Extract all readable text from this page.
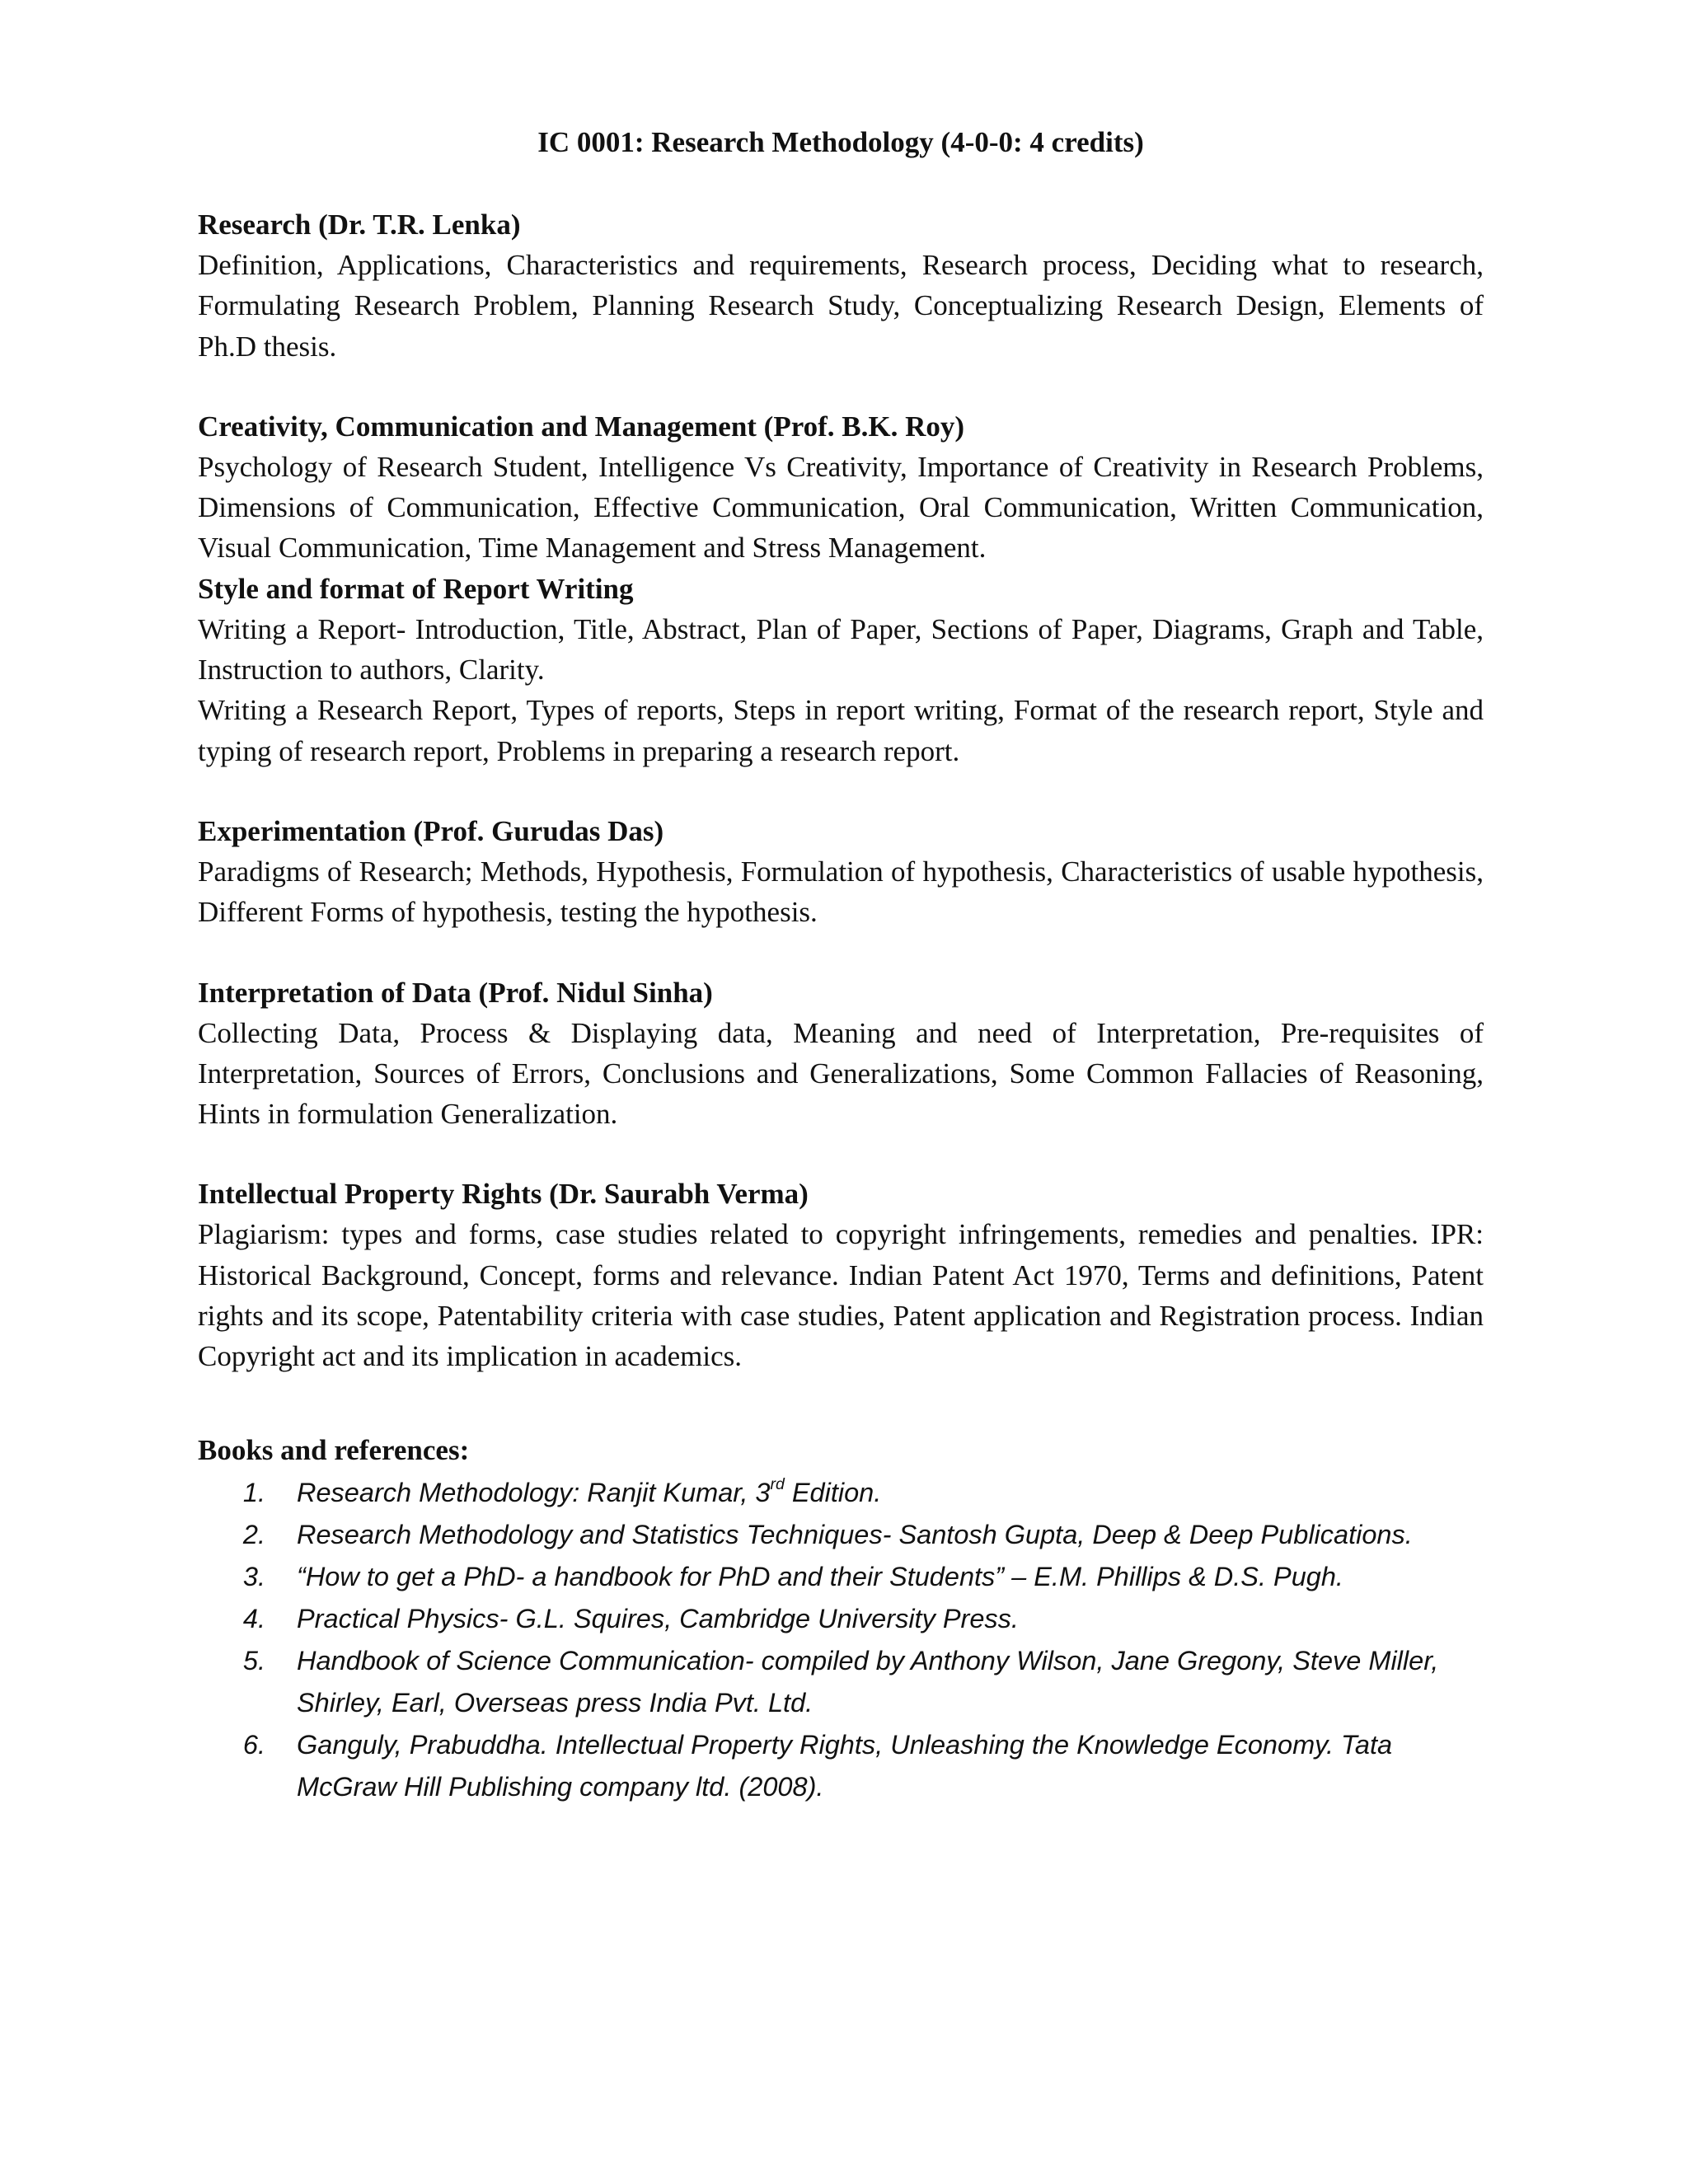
IC 0001: Research Methodology (4-0-0: 4 credits)

Research (Dr. T.R. Lenka)

Definition, Applications, Characteristics and requirements, Research process, Deciding what to research, Formulating Research Problem, Planning Research Study, Conceptualizing Research Design, Elements of Ph.D thesis.

Creativity, Communication and Management (Prof. B.K. Roy)

Psychology of Research Student, Intelligence Vs Creativity, Importance of Creativity in Research Problems, Dimensions of Communication, Effective Communication, Oral Communication, Written Communication, Visual Communication, Time Management and Stress Management.

Style and format of Report Writing

Writing a Report- Introduction, Title, Abstract, Plan of Paper, Sections of Paper, Diagrams, Graph and Table, Instruction to authors, Clarity.

Writing a Research Report, Types of reports, Steps in report writing, Format of the research report, Style and typing of research report, Problems in preparing a research report.

Experimentation (Prof. Gurudas Das)

Paradigms of Research; Methods, Hypothesis, Formulation of hypothesis, Characteristics of usable hypothesis, Different Forms of hypothesis, testing the hypothesis.

Interpretation of Data (Prof. Nidul Sinha)

Collecting Data, Process & Displaying data, Meaning and need of Interpretation, Pre-requisites of Interpretation, Sources of Errors, Conclusions and Generalizations, Some Common Fallacies of Reasoning, Hints in formulation Generalization.

Intellectual Property Rights (Dr. Saurabh Verma)

Plagiarism: types and forms, case studies related to copyright infringements, remedies and penalties. IPR: Historical Background, Concept, forms and relevance. Indian Patent Act 1970, Terms and definitions, Patent rights and its scope, Patentability criteria with case studies, Patent application and Registration process. Indian Copyright act and its implication in academics.

Books and references:

1.	Research Methodology: Ranjit Kumar, 3rd Edition.
2.	Research Methodology and Statistics Techniques- Santosh Gupta, Deep & Deep Publications.
3.	“How to get a PhD- a handbook for PhD and their Students” – E.M. Phillips & D.S. Pugh.
4.	Practical Physics- G.L. Squires, Cambridge University Press.
5.	Handbook of Science Communication- compiled by Anthony Wilson, Jane Gregony, Steve Miller, Shirley, Earl, Overseas press India Pvt. Ltd.
6.	Ganguly, Prabuddha. Intellectual Property Rights, Unleashing the Knowledge Economy. Tata McGraw Hill Publishing company ltd. (2008).
